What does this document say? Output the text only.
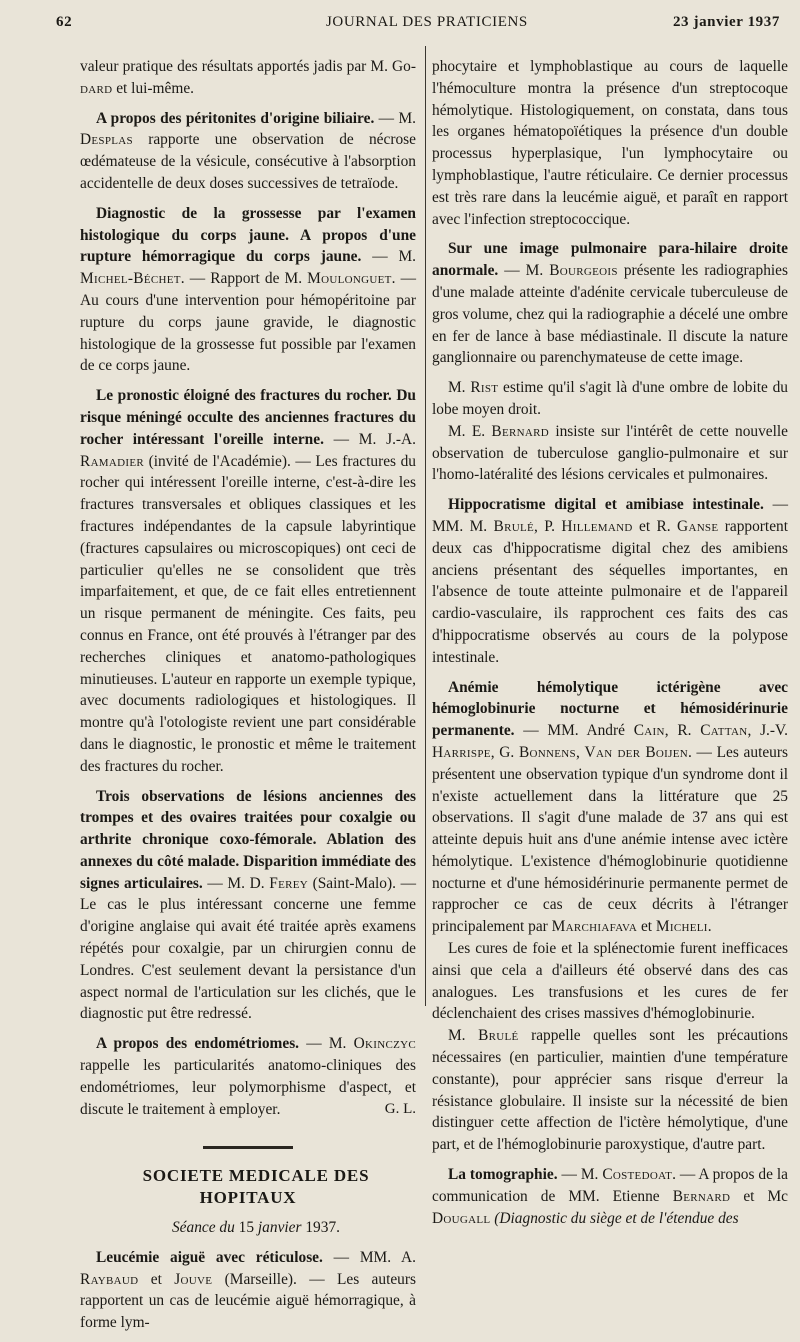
62	JOURNAL DES PRATICIENS	23 janvier 1937

valeur pratique des résultats apportés jadis par M. Go-dard et lui-même.

A propos des péritonites d'origine biliaire. — M. Desplas rapporte une observation de nécrose œdémateuse de la vésicule, consécutive à l'absorption accidentelle de deux doses successives de tetraïode.

Diagnostic de la grossesse par l'examen histologique du corps jaune. A propos d'une rupture hémorragique du corps jaune. — M. Michel-Béchet. — Rapport de M. Moulonguet. — Au cours d'une intervention pour hémopéritoine par rupture du corps jaune gravide, le diagnostic histologique de la grossesse fut possible par l'examen de ce corps jaune.

Le pronostic éloigné des fractures du rocher. Du risque méningé occulte des anciennes fractures du rocher intéressant l'oreille interne. — M. J.-A. Ramadier (invité de l'Académie). — Les fractures du rocher qui intéressent l'oreille interne, c'est-à-dire les fractures transversales et obliques classiques et les fractures indépendantes de la capsule labyrintique (fractures capsulaires ou microscopiques) ont ceci de particulier qu'elles ne se consolident que très imparfaitement, et que, de ce fait elles entretiennent un risque permanent de méningite. Ces faits, peu connus en France, ont été prouvés à l'étranger par des recherches cliniques et anatomo-pathologiques minutieuses. L'auteur en rapporte un exemple typique, avec documents radiologiques et histologiques. Il montre qu'à l'otologiste revient une part considérable dans le diagnostic, le pronostic et même le traitement des fractures du rocher.

Trois observations de lésions anciennes des trompes et des ovaires traitées pour coxalgie ou arthrite chronique coxo-fémorale. Ablation des annexes du côté malade. Disparition immédiate des signes articulaires. — M. D. Ferey (Saint-Malo). — Le cas le plus intéressant concerne une femme d'origine anglaise qui avait été traitée après examens répétés pour coxalgie, par un chirurgien connu de Londres. C'est seulement devant la persistance d'un aspect normal de l'articulation sur les clichés, que le diagnostic put être redressé.

A propos des endométriomes. — M. Okinczyc rappelle les particularités anatomo-cliniques des endométriomes, leur polymorphisme d'aspect, et discute le traitement à employer.	G. L.

SOCIETE MEDICALE DES HOPITAUX

Séance du 15 janvier 1937.

Leucémie aiguë avec réticulose. — MM. A. Raybaud et Jouve (Marseille). — Les auteurs rapportent un cas de leucémie aiguë hémorragique, à forme lym-

phocytaire et lymphoblastique au cours de laquelle l'hémoculture montra la présence d'un streptocoque hémolytique. Histologiquement, on constata, dans tous les organes hématopoïétiques la présence d'un double processus hyperplasique, l'un lymphocytaire ou lymphoblastique, l'autre réticulaire. Ce dernier processus est très rare dans la leucémie aiguë, et paraît en rapport avec l'infection streptococcique.

Sur une image pulmonaire para-hilaire droite anormale. — M. Bourgeois présente les radiographies d'une malade atteinte d'adénite cervicale tuberculeuse de gros volume, chez qui la radiographie a décelé une ombre en fer de lance à base médiastinale. Il discute la nature ganglionnaire ou parenchymateuse de cette image.

M. Rist estime qu'il s'agit là d'une ombre de lobite du lobe moyen droit.

M. E. Bernard insiste sur l'intérêt de cette nouvelle observation de tuberculose ganglio-pulmonaire et sur l'homo-latéralité des lésions cervicales et pulmonaires.

Hippocratisme digital et amibiase intestinale. — MM. M. Brulé, P. Hillemand et R. Ganse rapportent deux cas d'hippocratisme digital chez des amibiens anciens présentant des séquelles importantes, en l'absence de toute atteinte pulmonaire et de l'appareil cardio-vasculaire, ils rapprochent ces faits des cas d'hippocratisme observés au cours de la polypose intestinale.

Anémie hémolytique ictérigène avec hémoglobinurie nocturne et hémosidérinurie permanente. — MM. André Cain, R. Cattan, J.-V. Harrispe, G. Bonnens, Van der Boijen. — Les auteurs présentent une observation typique d'un syndrome dont il n'existe actuellement dans la littérature que 25 observations. Il s'agit d'une malade de 37 ans qui est atteinte depuis huit ans d'une anémie intense avec ictère hémolytique. L'existence d'hémoglobinurie quotidienne nocturne et d'une hémosidérinurie permanente permet de rapprocher ce cas de ceux décrits à l'étranger principalement par Marchiafava et Micheli.

Les cures de foie et la splénectomie furent inefficaces ainsi que cela a d'ailleurs été observé dans des cas analogues. Les transfusions et les cures de fer déclenchaient des crises massives d'hémoglobinurie.

M. Brulé rappelle quelles sont les précautions nécessaires (en particulier, maintien d'une température constante), pour apprécier sans risque d'erreur la résistance globulaire. Il insiste sur la nécessité de bien distinguer cette affection de l'ictère hémolytique, d'une part, et de l'hémoglobinurie paroxystique, d'autre part.

La tomographie. — M. Costedoat. — A propos de la communication de MM. Etienne Bernard et Mc Dougall (Diagnostic du siège et de l'étendue des
